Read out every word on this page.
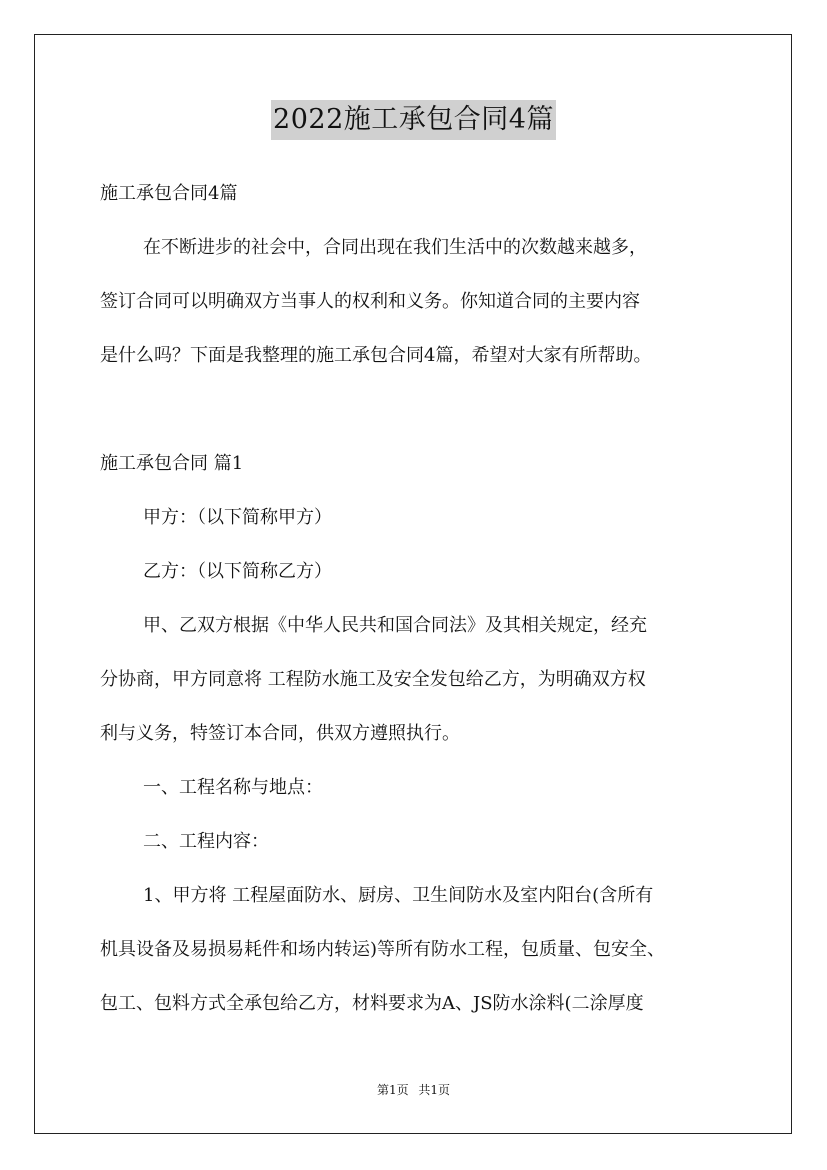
2022施工承包合同4篇
施工承包合同4篇
在不断进步的社会中，合同出现在我们生活中的次数越来越多，
签订合同可以明确双方当事人的权利和义务。你知道合同的主要内容
是什么吗？下面是我整理的施工承包合同4篇，希望对大家有所帮助。
施工承包合同 篇1
甲方：（以下简称甲方）
乙方：（以下简称乙方）
甲、乙双方根据《中华人民共和国合同法》及其相关规定，经充
分协商，甲方同意将 工程防水施工及安全发包给乙方，为明确双方权
利与义务，特签订本合同，供双方遵照执行。
一、工程名称与地点：
二、工程内容：
1、甲方将 工程屋面防水、厨房、卫生间防水及室内阳台(含所有
机具设备及易损易耗件和场内转运)等所有防水工程，包质量、包安全、
包工、包料方式全承包给乙方，材料要求为A、JS防水涂料(二涂厚度
第1页 共1页
